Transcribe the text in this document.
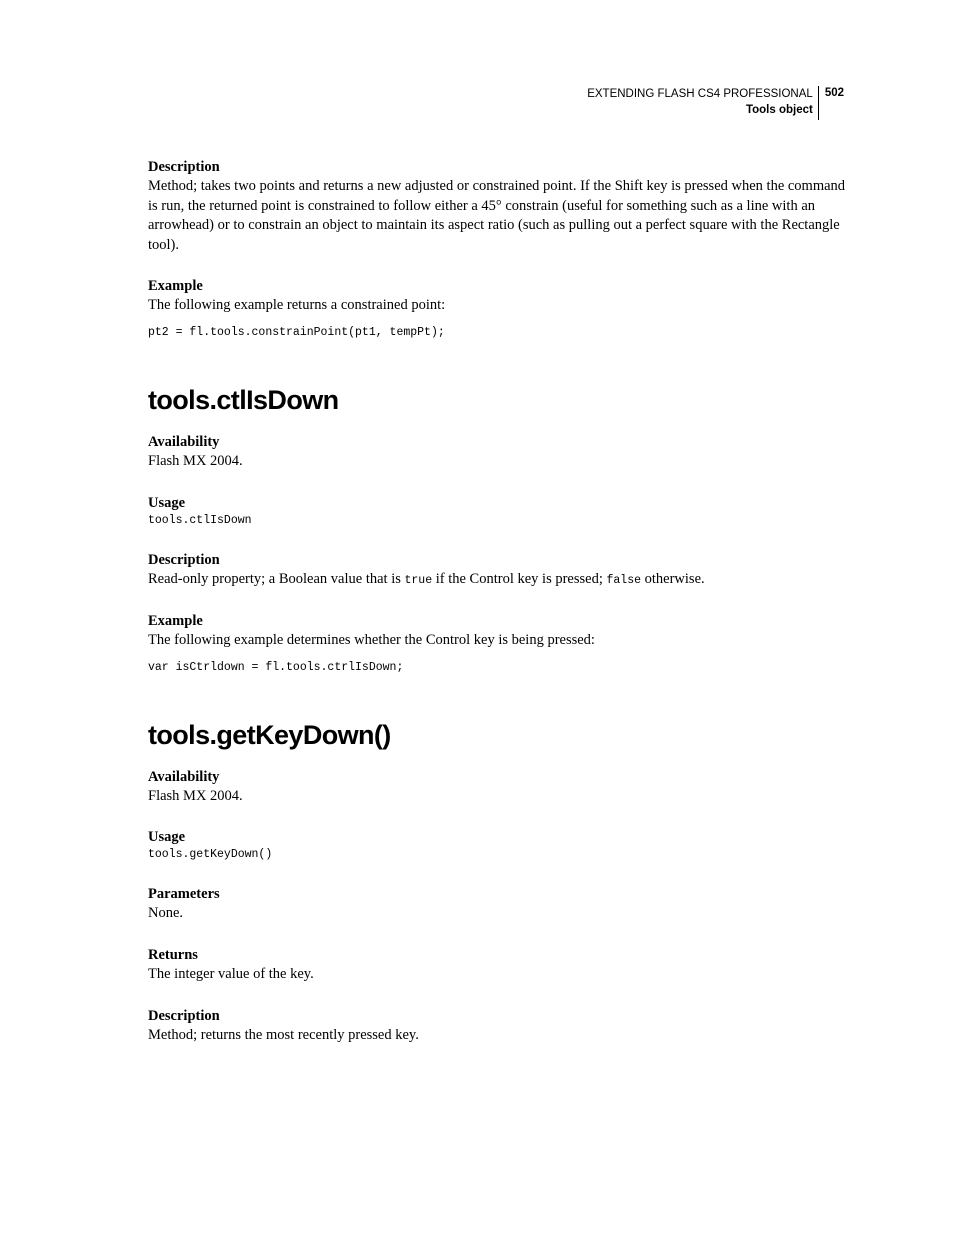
EXTENDING FLASH CS4 PROFESSIONAL
Tools object
502

Description

Method; takes two points and returns a new adjusted or constrained point. If the Shift key is pressed when the command is run, the returned point is constrained to follow either a 45° constrain (useful for something such as a line with an arrowhead) or to constrain an object to maintain its aspect ratio (such as pulling out a perfect square with the Rectangle tool).

Example

The following example returns a constrained point:

pt2 = fl.tools.constrainPoint(pt1, tempPt);

tools.ctlIsDown

Availability

Flash MX 2004.

Usage

tools.ctlIsDown

Description

Read-only property; a Boolean value that is true if the Control key is pressed; false otherwise.

Example

The following example determines whether the Control key is being pressed:

var isCtrldown = fl.tools.ctrlIsDown;

tools.getKeyDown()

Availability

Flash MX 2004.

Usage

tools.getKeyDown()

Parameters

None.

Returns

The integer value of the key.

Description

Method; returns the most recently pressed key.
